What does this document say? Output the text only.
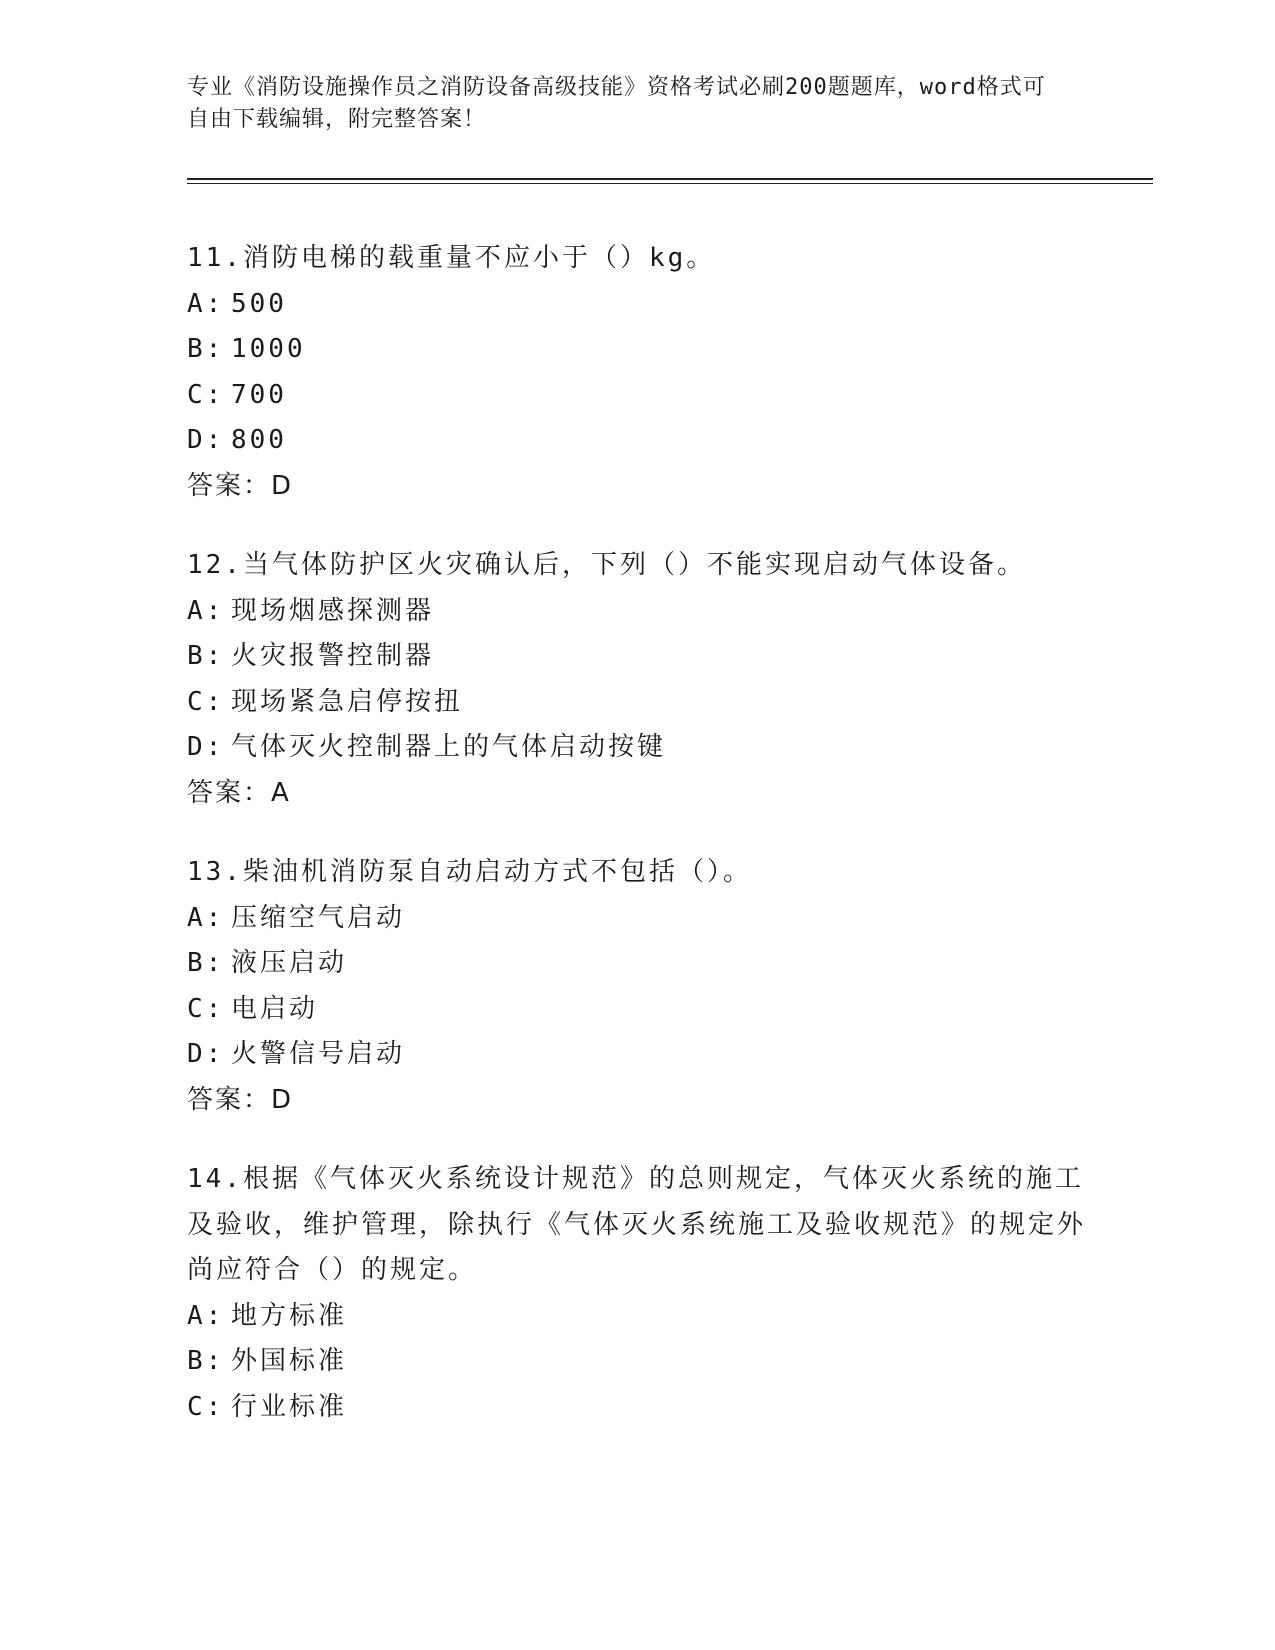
专业《消防设施操作员之消防设备高级技能》资格考试必刷200题题库，word格式可自由下载编辑，附完整答案！
11.消防电梯的载重量不应小于（）kg。
A: 500
B: 1000
C: 700
D: 800
答案：D
12.当气体防护区火灾确认后，下列（）不能实现启动气体设备。
A: 现场烟感探测器
B: 火灾报警控制器
C: 现场紧急启停按扭
D: 气体灭火控制器上的气体启动按键
答案：A
13.柴油机消防泵自动启动方式不包括（）。
A: 压缩空气启动
B: 液压启动
C: 电启动
D: 火警信号启动
答案：D
14.根据《气体灭火系统设计规范》的总则规定，气体灭火系统的施工及验收，维护管理，除执行《气体灭火系统施工及验收规范》的规定外尚应符合（）的规定。
A: 地方标准
B: 外国标准
C: 行业标准
